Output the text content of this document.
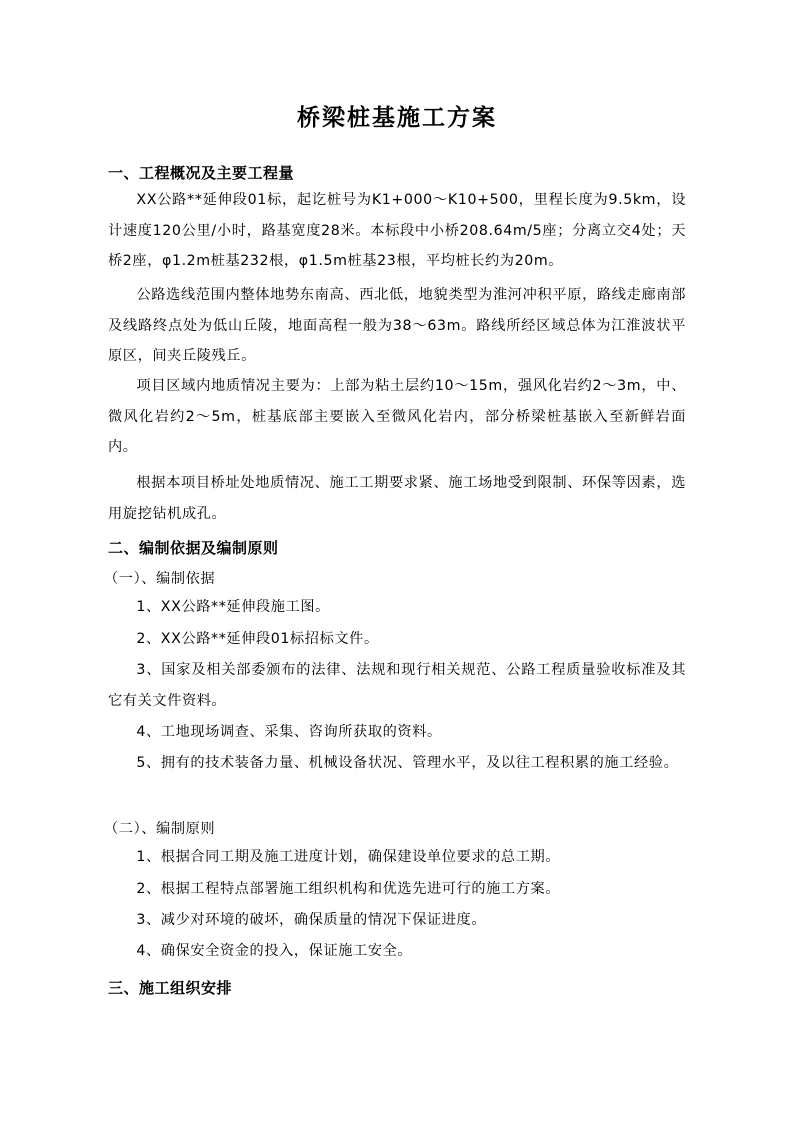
桥梁桩基施工方案
一、工程概况及主要工程量

XX公路**延伸段01标，起讫桩号为K1+000～K10+500，里程长度为9.5km，设计速度120公里/小时，路基宽度28米。本标段中小桥208.64m/5座；分离立交4处；天桥2座，φ1.2m桩基232根，φ1.5m桩基23根，平均桩长约为20m。

公路选线范围内整体地势东南高、西北低，地貌类型为淮河冲积平原，路线走廊南部及线路终点处为低山丘陵，地面高程一般为38～63m。路线所经区域总体为江淮波状平原区，间夹丘陵残丘。

项目区域内地质情况主要为：上部为粘土层约10～15m，强风化岩约2～3m，中、微风化岩约2～5m，桩基底部主要嵌入至微风化岩内，部分桥梁桩基嵌入至新鲜岩面内。

根据本项目桥址处地质情况、施工工期要求紧、施工场地受到限制、环保等因素，选用旋挖钻机成孔。

二、编制依据及编制原则
（一）、编制依据

1、XX公路**延伸段施工图。

2、XX公路**延伸段01标招标文件。

3、国家及相关部委颁布的法律、法规和现行相关规范、公路工程质量验收标准及其它有关文件资料。

4、工地现场调查、采集、咨询所获取的资料。

5、拥有的技术装备力量、机械设备状况、管理水平，及以往工程积累的施工经验。

（二）、编制原则

1、根据合同工期及施工进度计划，确保建设单位要求的总工期。

2、根据工程特点部署施工组织机构和优选先进可行的施工方案。

3、减少对环境的破坏，确保质量的情况下保证进度。

4、确保安全资金的投入，保证施工安全。

三、施工组织安排
